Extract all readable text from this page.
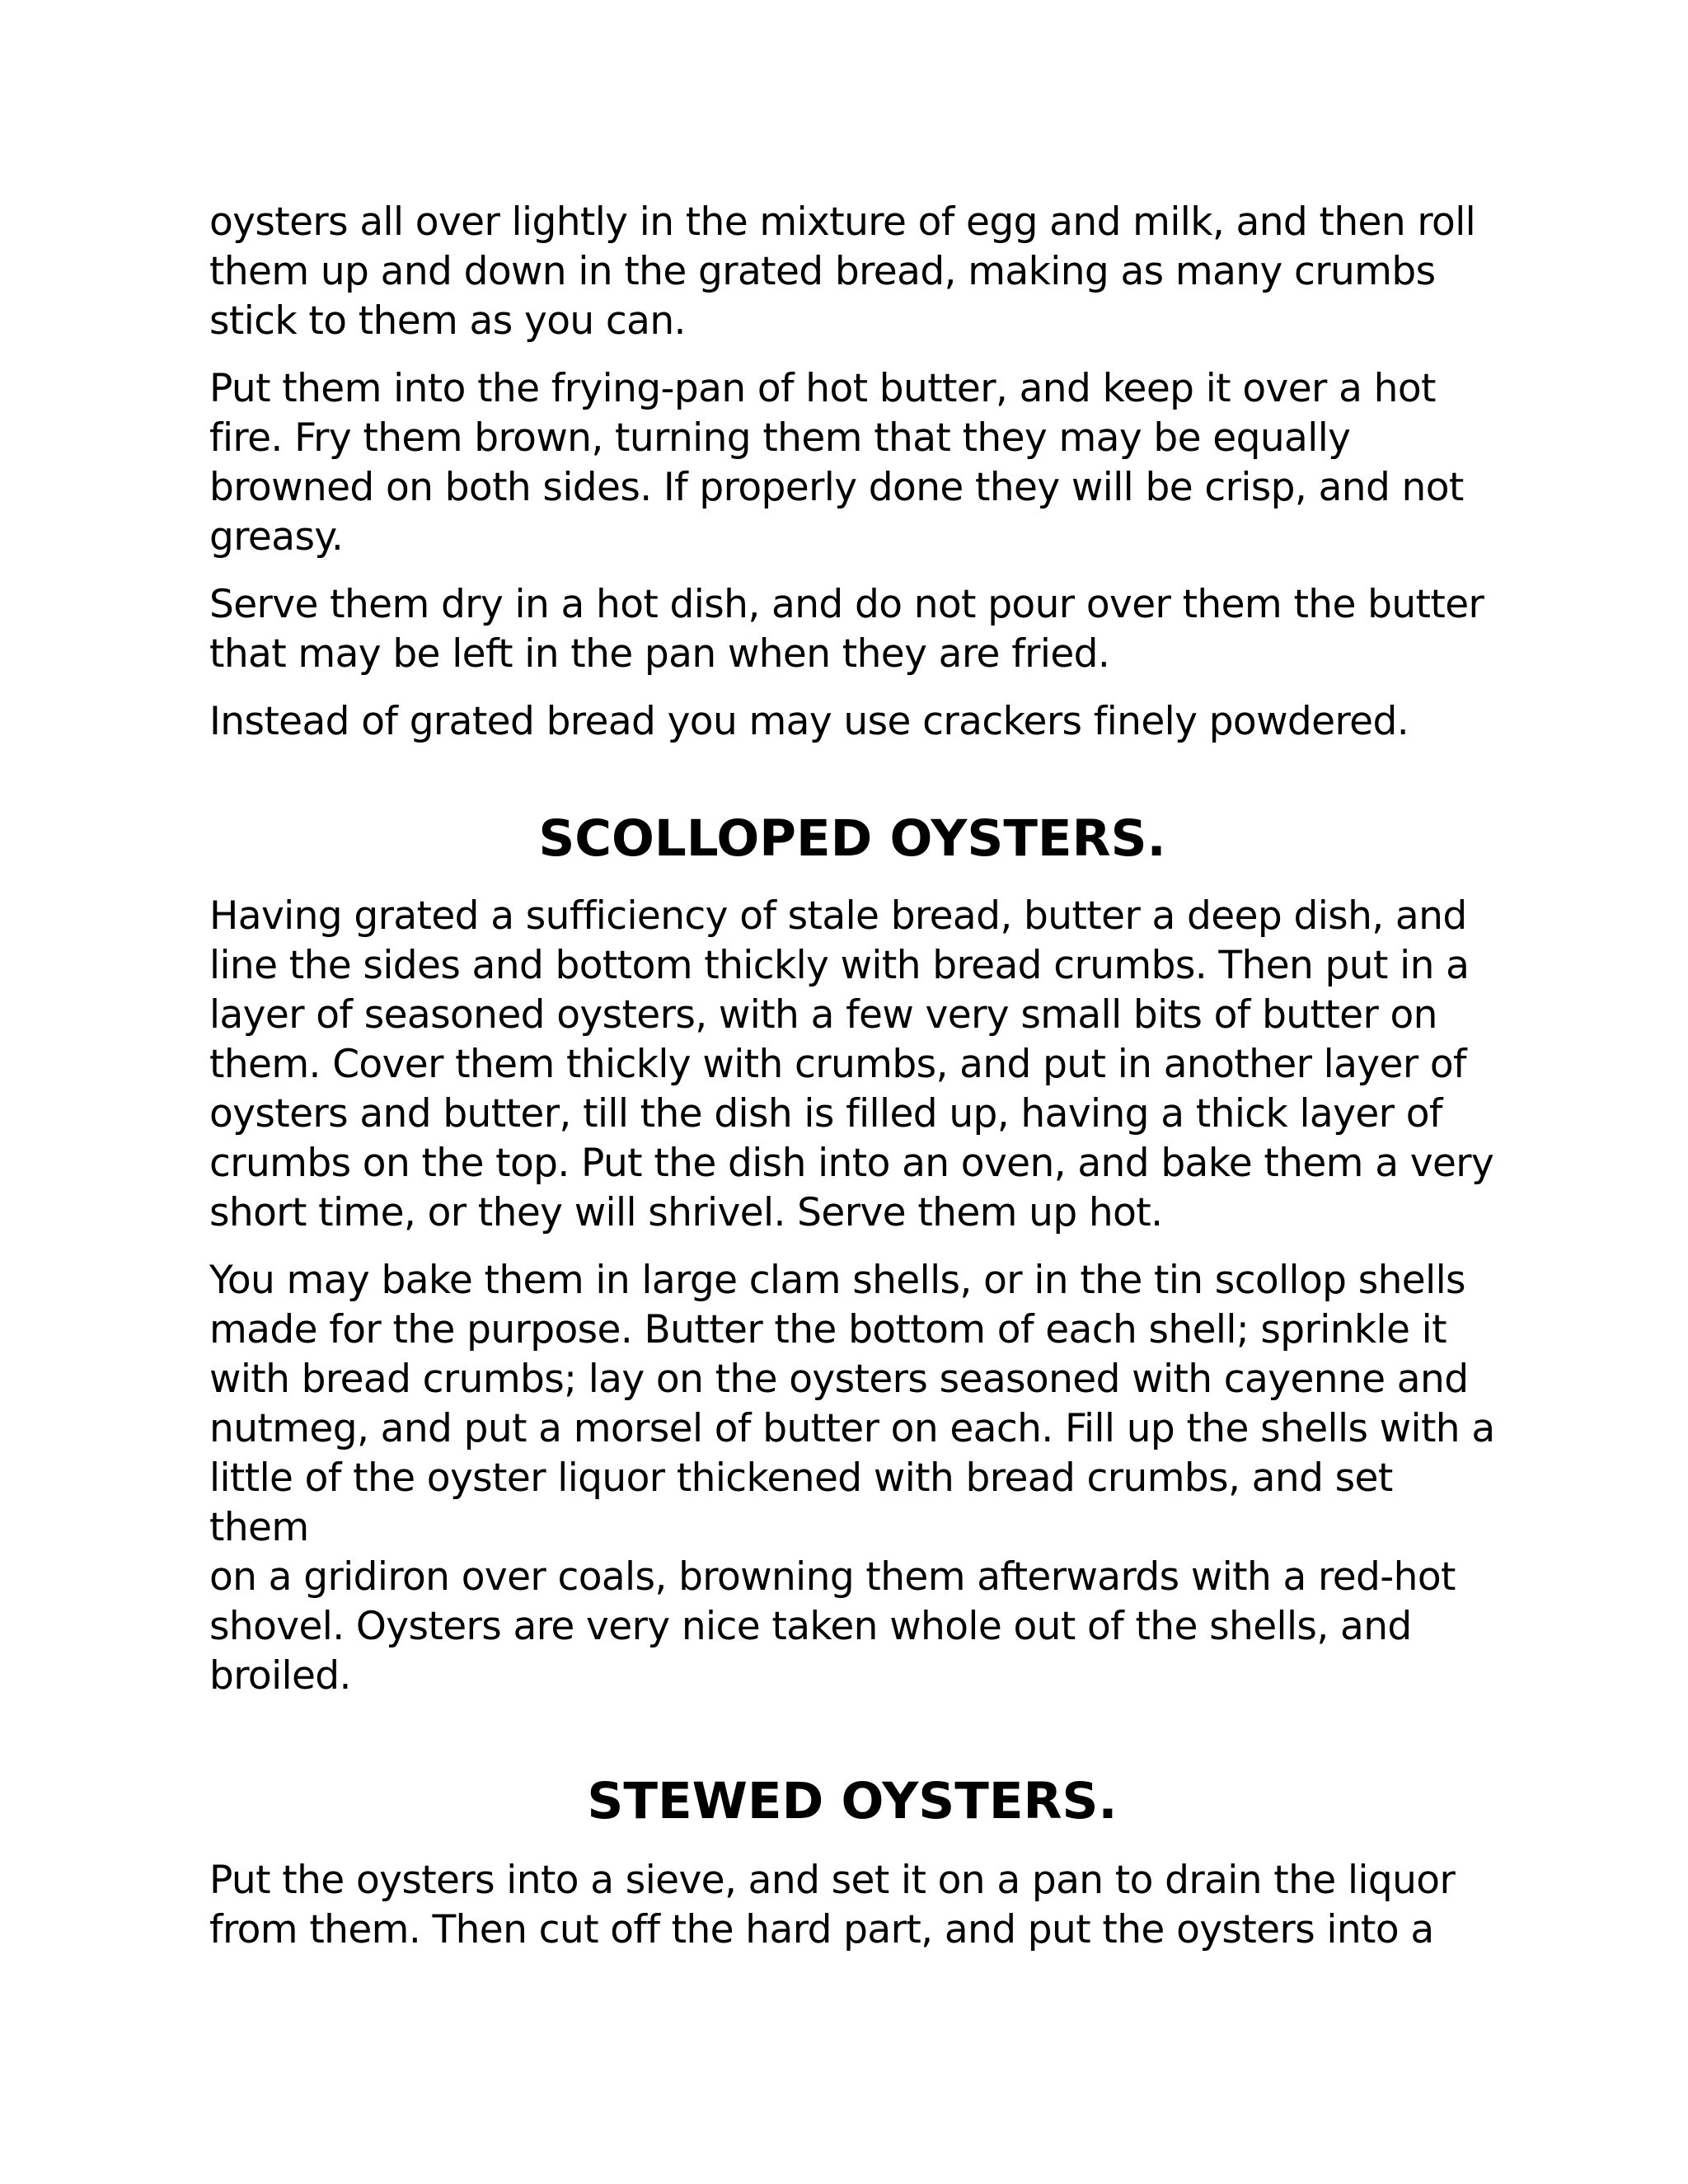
oysters all over lightly in the mixture of egg and milk, and then roll
them up and down in the grated bread, making as many crumbs
stick to them as you can.

Put them into the frying-pan of hot butter, and keep it over a hot
fire. Fry them brown, turning them that they may be equally
browned on both sides. If properly done they will be crisp, and not
greasy.

Serve them dry in a hot dish, and do not pour over them the butter
that may be left in the pan when they are fried.

Instead of grated bread you may use crackers finely powdered.

SCOLLOPED OYSTERS.

Having grated a sufficiency of stale bread, butter a deep dish, and
line the sides and bottom thickly with bread crumbs. Then put in a
layer of seasoned oysters, with a few very small bits of butter on
them. Cover them thickly with crumbs, and put in another layer of
oysters and butter, till the dish is filled up, having a thick layer of
crumbs on the top. Put the dish into an oven, and bake them a very
short time, or they will shrivel. Serve them up hot.

You may bake them in large clam shells, or in the tin scollop shells
made for the purpose. Butter the bottom of each shell; sprinkle it
with bread crumbs; lay on the oysters seasoned with cayenne and
nutmeg, and put a morsel of butter on each. Fill up the shells with a
little of the oyster liquor thickened with bread crumbs, and set them
on a gridiron over coals, browning them afterwards with a red-hot
shovel. Oysters are very nice taken whole out of the shells, and
broiled.

STEWED OYSTERS.

Put the oysters into a sieve, and set it on a pan to drain the liquor
from them. Then cut off the hard part, and put the oysters into a
